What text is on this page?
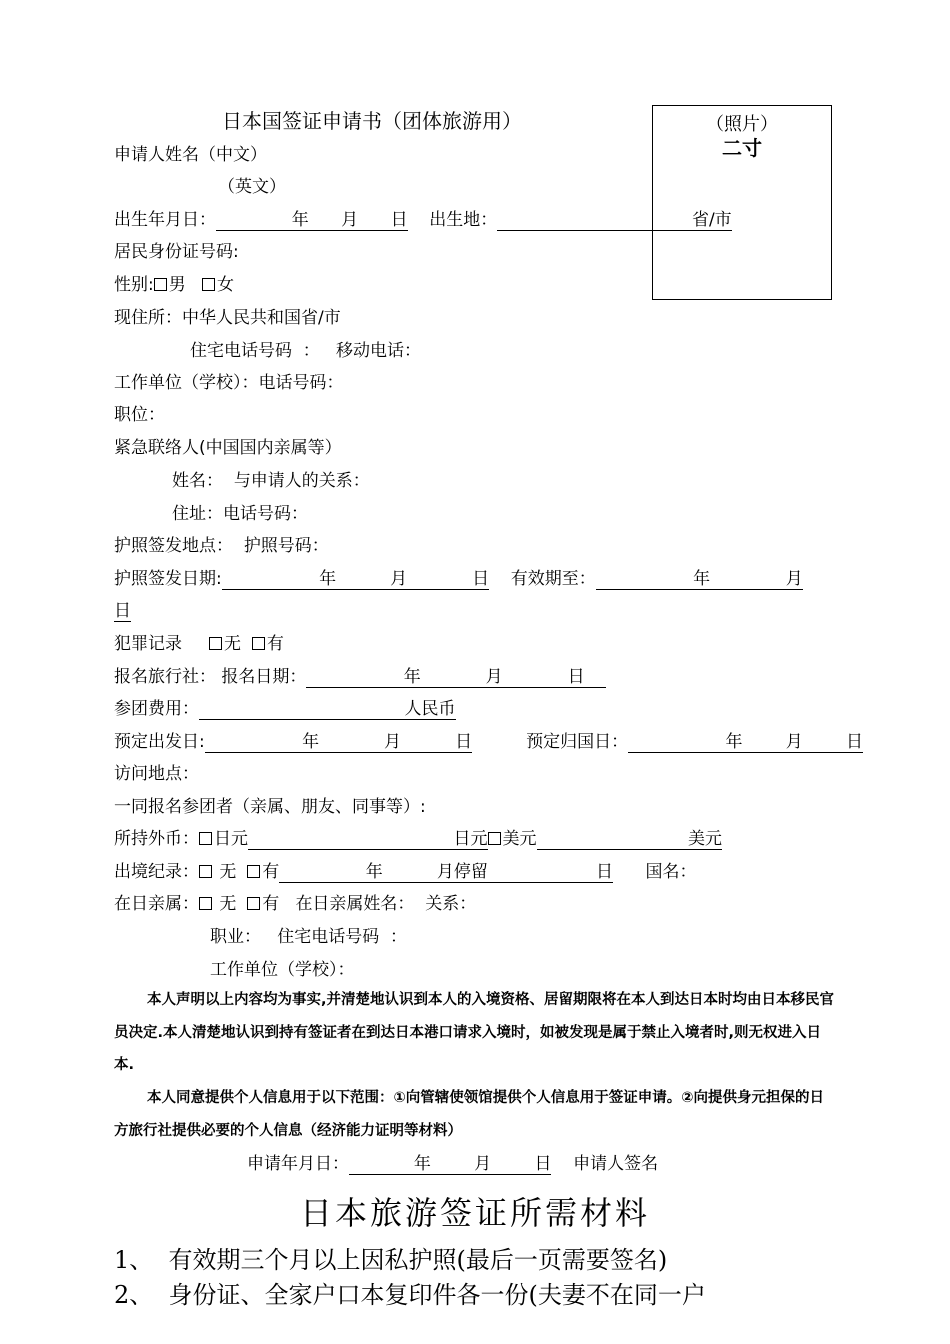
日本国签证申请书（团体旅游用）	（照片）
二寸
申请人姓名（中文）
（英文）
出生年月日：       	年    月    日   出生地：                  	省/市
居民身份证号码:
性别: 男 女
现住所：中华人民共和国省/市
住宅电话号码  ： 移动电话：
工作单位（学校）：电话号码：
职位：
紧急联络人(中国国内亲属等）
姓名： 与申请人的关系：
住址：电话号码：
护照签发地点： 护照号码：
护照签发日期:         	年     	月      	日   有效期至：         	年       	月
日
犯罪记录 无 有
报名旅行社： 报名日期：         	年      	月      	日  
参团费用：                   	人民币
预定出发日:         	年      	月     	日     	预定归国日：         	年    	月    	日
访问地点：
一同报名参团者（亲属、朋友、同事等）:
所持外币： 日元                   	日元 美元              	美元
出境纪录： 无 有        	年     	月停留          	日    国名：
在日亲属： 无 有 在日亲属姓名： 关系：
职业： 住宅电话号码  ：
工作单位（学校）：

本人声明以上内容均为事实,并清楚地认识到本人的入境资格、居留期限将在本人到达日本时均由日本移民官员决定.本人清楚地认识到持有签证者在到达日本港口请求入境时，如被发现是属于禁止入境者时,则无权进入日本.

本人同意提供个人信息用于以下范围：①向管辖使领馆提供个人信息用于签证申请。②向提供身元担保的日方旅行社提供必要的个人信息（经济能力证明等材料）

申请年月日：      	年    	月    	日   申请人签名
日本旅游签证所需材料
1、  有效期三个月以上因私护照(最后一页需要签名)
2、  身份证、全家户口本复印件各一份(夫妻不在同一户
